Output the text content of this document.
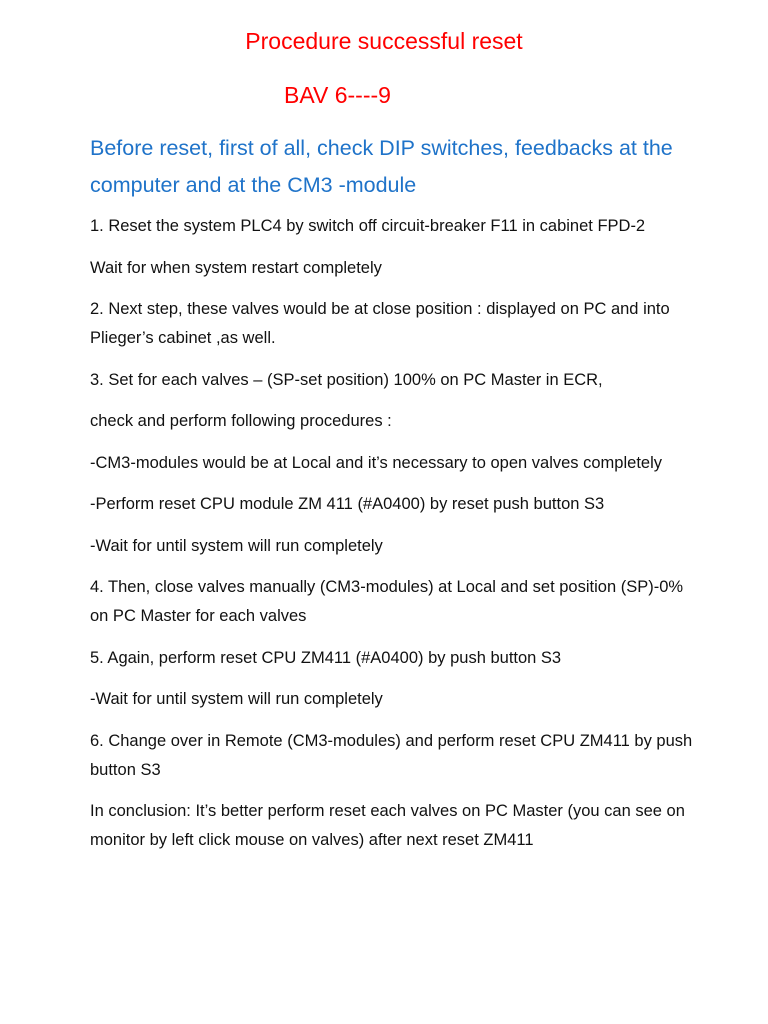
Procedure successful reset
BAV 6----9
Before reset, first of all, check DIP switches, feedbacks at the computer and at the CM3 -module

1. Reset the system PLC4 by switch off circuit-breaker F11 in cabinet FPD-2

Wait for when system restart completely

2. Next step, these valves would be at close position : displayed on PC and into Plieger’s cabinet ,as well.

3. Set for each valves – (SP-set position) 100% on PC Master in ECR,

check and perform following procedures :

-CM3-modules would be at Local and it’s necessary to open valves completely

-Perform reset CPU module ZM 411 (#A0400) by reset push button S3

-Wait for until system will run completely

4. Then, close valves manually (CM3-modules) at Local and set position (SP)-0% on PC Master for each valves

5. Again, perform reset CPU ZM411 (#A0400) by push button S3

-Wait for until system will run completely

6. Change over in Remote (CM3-modules) and perform reset CPU ZM411 by push button S3

In conclusion: It’s better perform reset each valves on PC Master (you can see on monitor by left click mouse on valves) after next reset ZM411
